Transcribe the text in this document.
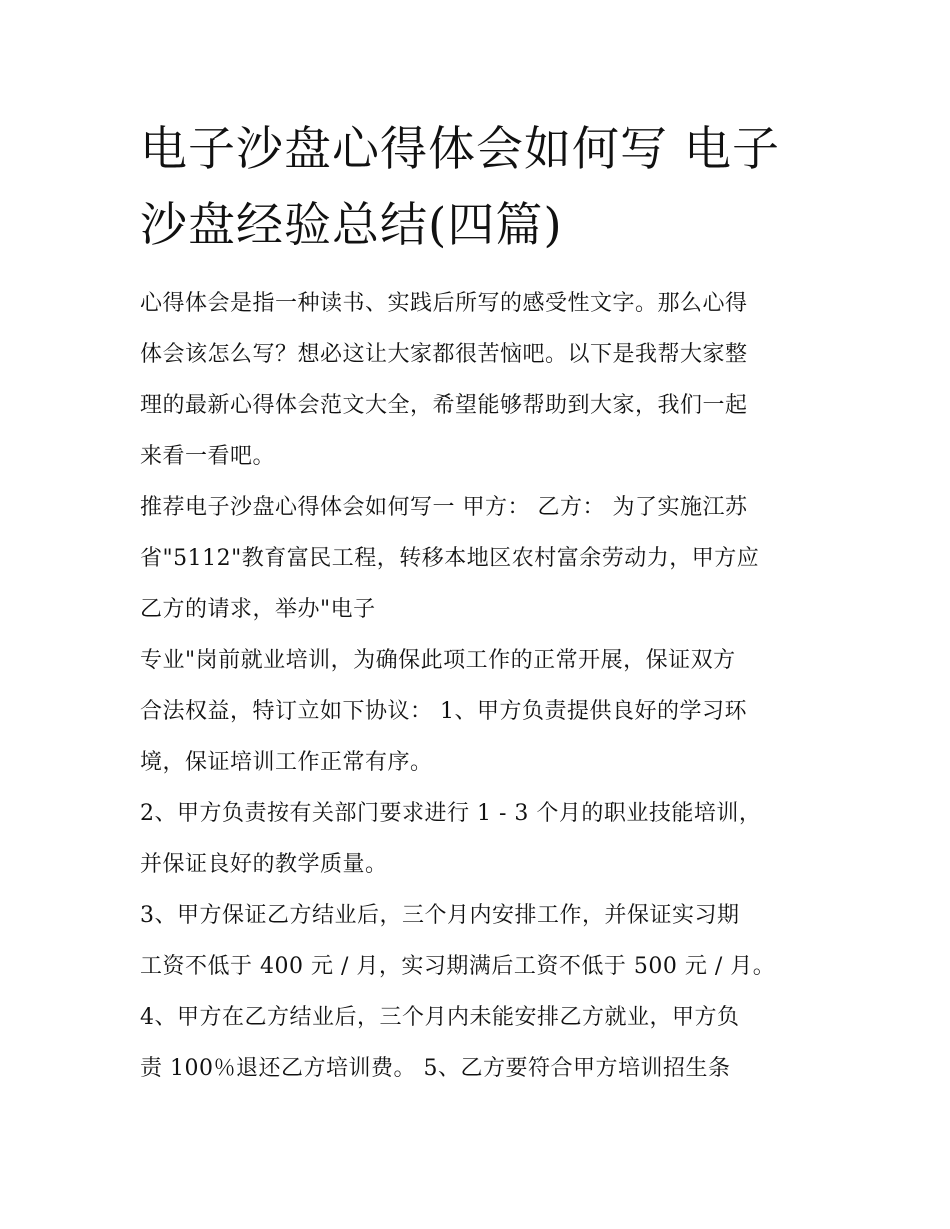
电子沙盘心得体会如何写 电子
沙盘经验总结(四篇)
心得体会是指一种读书、实践后所写的感受性文字。那么心得
体会该怎么写？想必这让大家都很苦恼吧。以下是我帮大家整
理的最新心得体会范文大全，希望能够帮助到大家，我们一起
来看一看吧。
推荐电子沙盘心得体会如何写一 甲方： 乙方： 为了实施江苏
省"5112"教育富民工程，转移本地区农村富余劳动力，甲方应
乙方的请求，举办"电子
专业"岗前就业培训，为确保此项工作的正常开展，保证双方
合法权益，特订立如下协议： 1、甲方负责提供良好的学习环
境，保证培训工作正常有序。
2、甲方负责按有关部门要求进行 1 - 3 个月的职业技能培训，
并保证良好的教学质量。
3、甲方保证乙方结业后，三个月内安排工作，并保证实习期
工资不低于 400 元 / 月，实习期满后工资不低于 500 元 / 月。
4、甲方在乙方结业后，三个月内未能安排乙方就业，甲方负
责 100％退还乙方培训费。 5、乙方要符合甲方培训招生条
